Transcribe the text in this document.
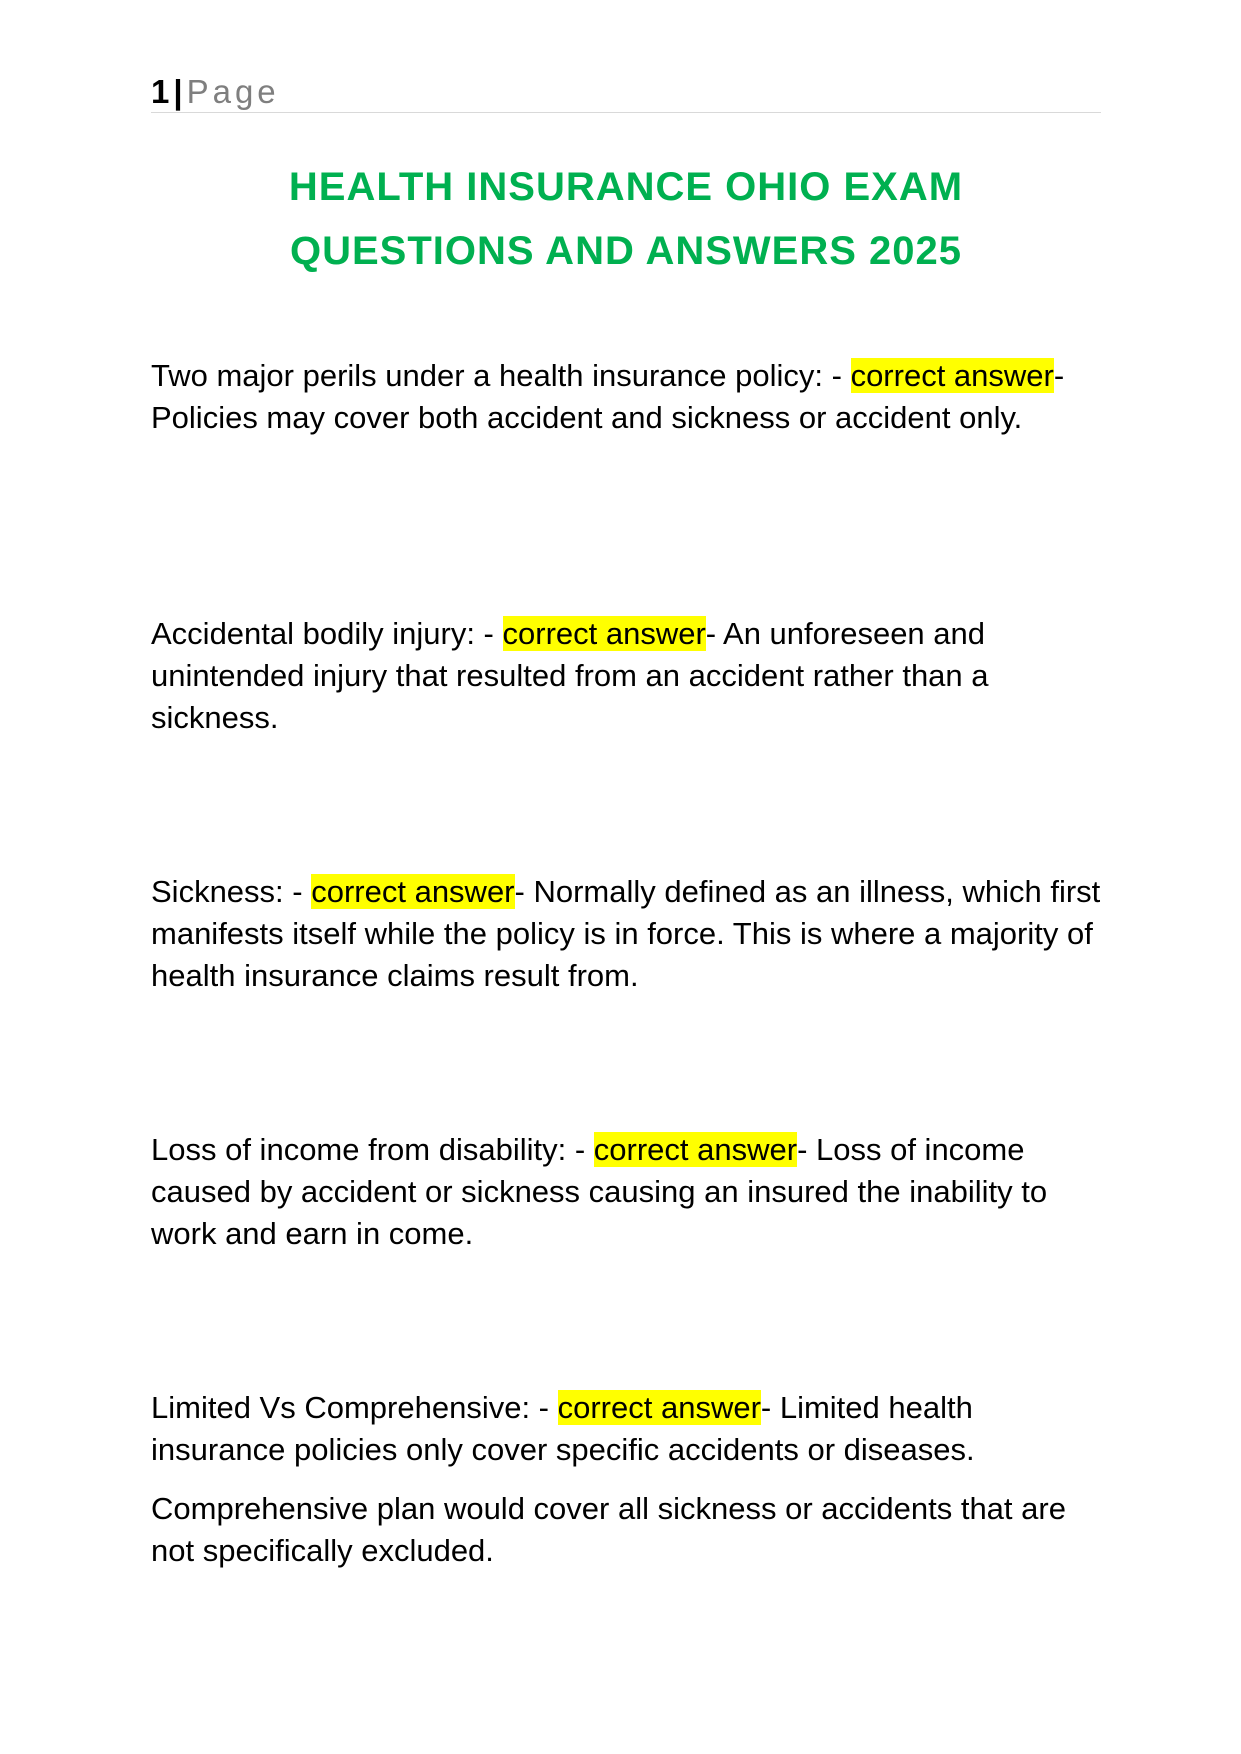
1 | Page
HEALTH INSURANCE OHIO EXAM
QUESTIONS AND ANSWERS 2025

Two major perils under a health insurance policy: - correct answer- Policies may cover both accident and sickness or accident only.

Accidental bodily injury: - correct answer- An unforeseen and unintended injury that resulted from an accident rather than a sickness.

Sickness: - correct answer- Normally defined as an illness, which first manifests itself while the policy is in force. This is where a majority of health insurance claims result from.

Loss of income from disability: - correct answer- Loss of income caused by accident or sickness causing an insured the inability to work and earn in come.

Limited Vs Comprehensive: - correct answer- Limited health insurance policies only cover specific accidents or diseases.

Comprehensive plan would cover all sickness or accidents that are not specifically excluded.
